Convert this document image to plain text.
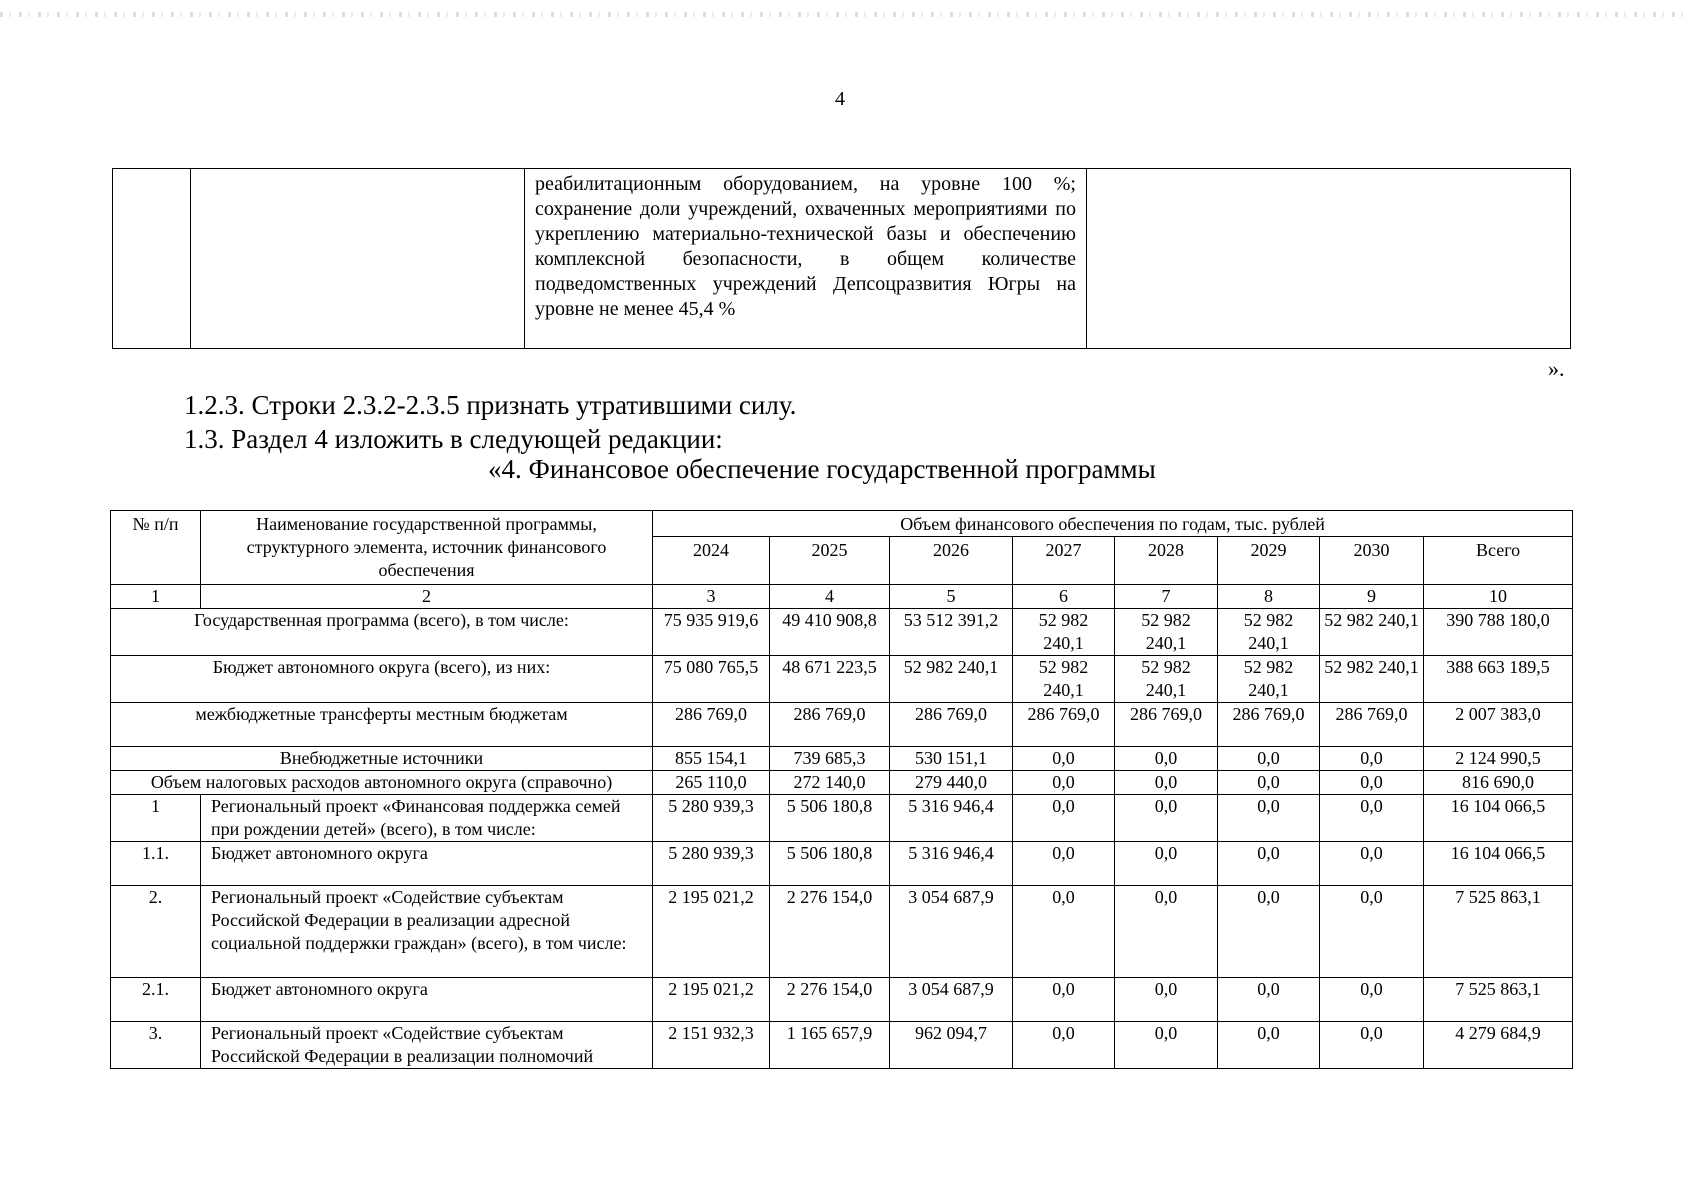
4
		реабилитационным оборудованием, на уровне 100 %; сохранение доли учреждений, охваченных мероприятиями по укреплению материально-технической базы и обеспечению комплексной безопасности, в общем количестве подведомственных учреждений Депсоцразвития Югры на уровне не менее 45,4 %	
».
1.2.3. Строки 2.3.2-2.3.5 признать утратившими силу.
1.3. Раздел 4 изложить в следующей редакции:
«4. Финансовое обеспечение государственной программы
№ п/п	Наименование государственной программы, структурного элемента, источник финансового обеспечения	Объем финансового обеспечения по годам, тыс. рублей							
		2024	2025	2026	2027	2028	2029	2030	Всего
1	2	3	4	5	6	7	8	9	10
Государственная программа (всего), в том числе:		75 935 919,6	49 410 908,8	53 512 391,2	52 982 240,1	52 982 240,1	52 982 240,1	52 982 240,1	390 788 180,0
Бюджет автономного округа (всего), из них:		75 080 765,5	48 671 223,5	52 982 240,1	52 982 240,1	52 982 240,1	52 982 240,1	52 982 240,1	388 663 189,5
межбюджетные трансферты местным бюджетам		286 769,0	286 769,0	286 769,0	286 769,0	286 769,0	286 769,0	286 769,0	2 007 383,0
Внебюджетные источники		855 154,1	739 685,3	530 151,1	0,0	0,0	0,0	0,0	2 124 990,5
Объем налоговых расходов автономного округа (справочно)		265 110,0	272 140,0	279 440,0	0,0	0,0	0,0	0,0	816 690,0
1	Региональный проект «Финансовая поддержка семей при рождении детей» (всего), в том числе:	5 280 939,3	5 506 180,8	5 316 946,4	0,0	0,0	0,0	0,0	16 104 066,5
1.1.	Бюджет автономного округа	5 280 939,3	5 506 180,8	5 316 946,4	0,0	0,0	0,0	0,0	16 104 066,5
2.	Региональный проект «Содействие субъектам Российской Федерации в реализации адресной социальной поддержки граждан» (всего), в том числе:	2 195 021,2	2 276 154,0	3 054 687,9	0,0	0,0	0,0	0,0	7 525 863,1
2.1.	Бюджет автономного округа	2 195 021,2	2 276 154,0	3 054 687,9	0,0	0,0	0,0	0,0	7 525 863,1
3.	Региональный проект «Содействие субъектам Российской Федерации в реализации полномочий	2 151 932,3	1 165 657,9	962 094,7	0,0	0,0	0,0	0,0	4 279 684,9
